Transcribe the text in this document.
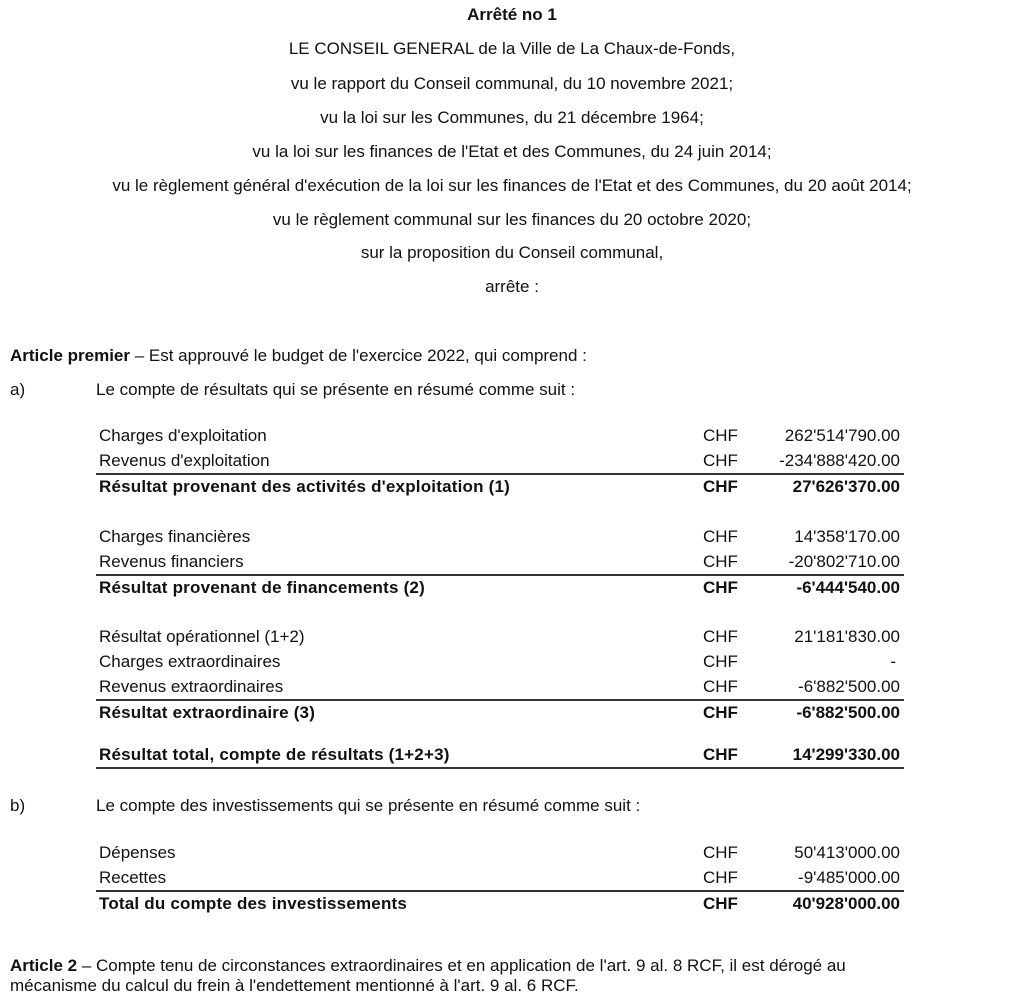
Arrêté no 1
LE CONSEIL GENERAL de la Ville de La Chaux-de-Fonds,
vu le rapport du Conseil communal, du 10 novembre 2021;
vu la loi sur les Communes, du 21 décembre 1964;
vu la loi sur les finances de l'Etat et des Communes, du 24 juin 2014;
vu le règlement général d'exécution de la loi sur les finances de l'Etat et des Communes, du 20 août 2014;
vu le règlement communal sur les finances du 20 octobre 2020;
sur la proposition du Conseil communal,
arrête :
Article premier – Est approuvé le budget de l'exercice 2022, qui comprend :
a)	Le compte de résultats qui se présente en résumé comme suit :
Charges d'exploitation	CHF	262'514'790.00
Revenus d'exploitation	CHF -234'888'420.00
Résultat provenant des activités d'exploitation (1)	CHF	27'626'370.00
Charges financières	CHF	14'358'170.00
Revenus financiers	CHF	-20'802'710.00
Résultat provenant de financements (2)	CHF	-6'444'540.00
Résultat opérationnel (1+2)	CHF	21'181'830.00
Charges extraordinaires	CHF	-
Revenus extraordinaires	CHF	-6'882'500.00
Résultat extraordinaire (3)	CHF	-6'882'500.00
Résultat total, compte de résultats (1+2+3)	CHF	14'299'330.00
b)	Le compte des investissements qui se présente en résumé comme suit :
Dépenses	CHF	50'413'000.00
Recettes	CHF	-9'485'000.00
Total du compte des investissements	CHF	40'928'000.00
Article 2 – Compte tenu de circonstances extraordinaires et en application de l'art. 9 al. 8 RCF, il est dérogé au
mécanisme du calcul du frein à l'endettement mentionné à l'art. 9 al. 6 RCF.
